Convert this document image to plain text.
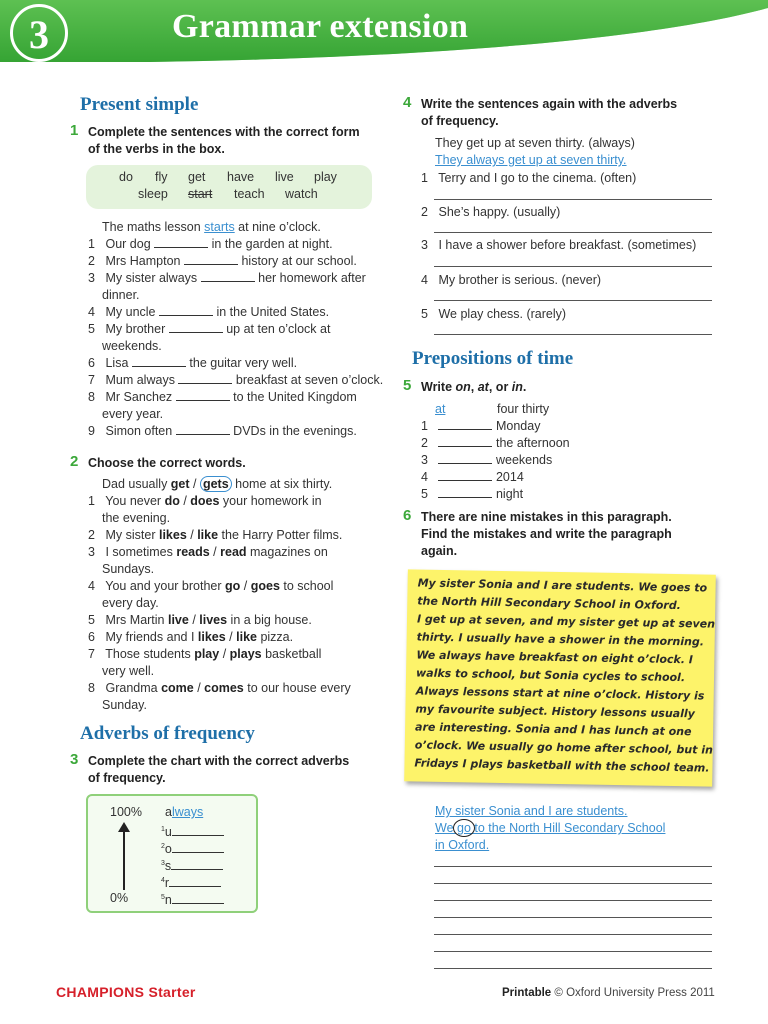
3	Grammar extension
Present simple
1 Complete the sentences with the correct form
of the verbs in the box.
do fly get have live play
sleep start teach watch
The maths lesson starts at nine o’clock.
1 Our dog	in the garden at night.
2 Mrs Hampton	history at our school.
3 My sister always	her homework after
dinner.
4 My uncle	in the United States.
5 My brother	up at ten o’clock at
weekends.
6 Lisa	the guitar very well.
7 Mum always	breakfast at seven o’clock.
8 Mr Sanchez	to the United Kingdom
every year.
9 Simon often	DVDs in the evenings.
2 Choose the correct words.
Dad usually get / gets home at six thirty.
1 You never do / does your homework in
the evening.
2 My sister likes / like the Harry Potter films.
3 I sometimes reads / read magazines on
Sundays.
4 You and your brother go / goes to school
every day.
5 Mrs Martin live / lives in a big house.
6 My friends and I likes / like pizza.
7 Those students play / plays basketball
very well.
8 Grandma come / comes to our house every
Sunday.
Adverbs of frequency
3 Complete the chart with the correct adverbs
of frequency.
100%
0%
always
$^1$u
$^2$o
$^3$s
$^4$r
$^5$n
4 Write the sentences again with the adverbs
of frequency.
They get up at seven thirty. (always)
They always get up at seven thirty.
1 Terry and I go to the cinema. (often)
2 She’s happy. (usually)
3 I have a shower before breakfast. (sometimes)
4 My brother is serious. (never)
5 We play chess. (rarely)
Prepositions of time
5 Write on, at, or in.
at	four thirty
1	Monday
2	the afternoon
3	weekends
4	2014
5	night
6 There are nine mistakes in this paragraph.
Find the mistakes and write the paragraph
again.
My sister Sonia and I are students. We goes to
the North Hill Secondary School in Oxford.
I get up at seven, and my sister get up at seven
thirty. I usually have a shower in the morning.
We always have breakfast on eight o’clock. I
walks to school, but Sonia cycles to school.
Always lessons start at nine o’clock. History is
my favourite subject. History lessons usually
are interesting. Sonia and I has lunch at one
o’clock. We usually go home after school, but in
Fridays I plays basketball with the school team.
My sister Sonia and I are students.
We go to the North Hill Secondary School
in Oxford.
CHAMPIONS Starter	Printable © Oxford University Press 2011
